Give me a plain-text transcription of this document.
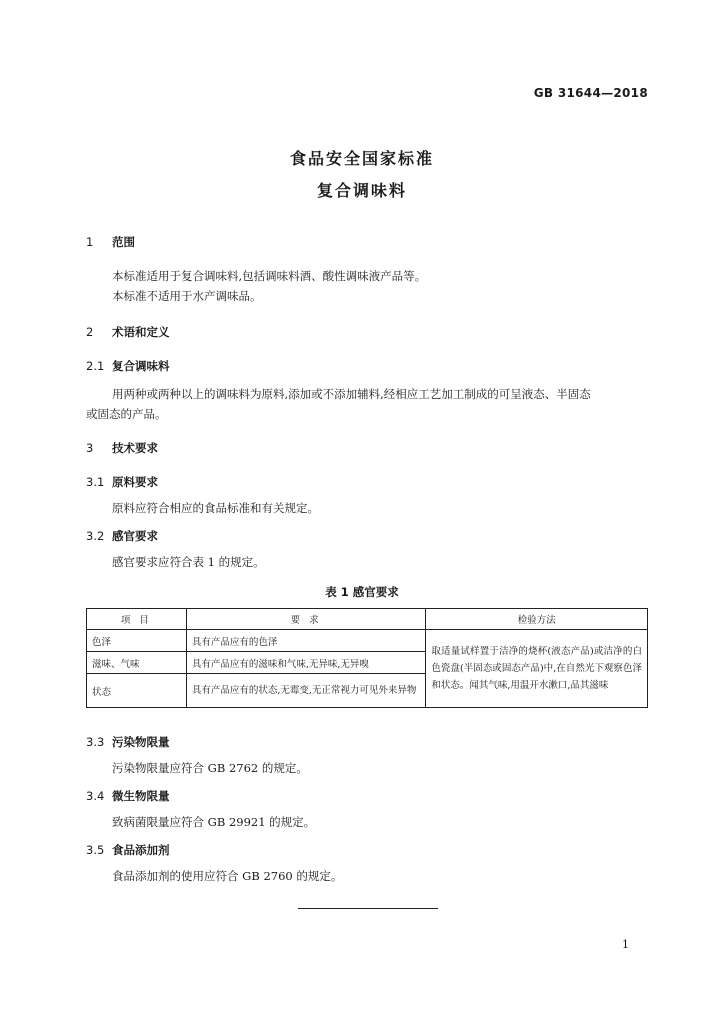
GB 31644—2018
食品安全国家标准
复合调味料
1 范围
本标准适用于复合调味料,包括调味料酒、酸性调味液产品等。
本标准不适用于水产调味品。
2 术语和定义
2.1 复合调味料
用两种或两种以上的调味料为原料,添加或不添加辅料,经相应工艺加工制成的可呈液态、半固态
或固态的产品。
3 技术要求
3.1 原料要求
原料应符合相应的食品标准和有关规定。
3.2 感官要求
感官要求应符合表 1 的规定。
表 1 感官要求
项 目	要 求	检验方法
色泽	具有产品应有的色泽	取适量试样置于洁净的烧杯(液态产品)或洁净的白色瓷盘(半固态或固态产品)中,在自然光下观察色泽和状态。闻其气味,用温开水漱口,品其滋味
滋味、气味	具有产品应有的滋味和气味,无异味,无异嗅	
状态	具有产品应有的状态,无霉变,无正常视力可见外来异物	
3.3 污染物限量
污染物限量应符合 GB 2762 的规定。
3.4 微生物限量
致病菌限量应符合 GB 29921 的规定。
3.5 食品添加剂
食品添加剂的使用应符合 GB 2760 的规定。
1
